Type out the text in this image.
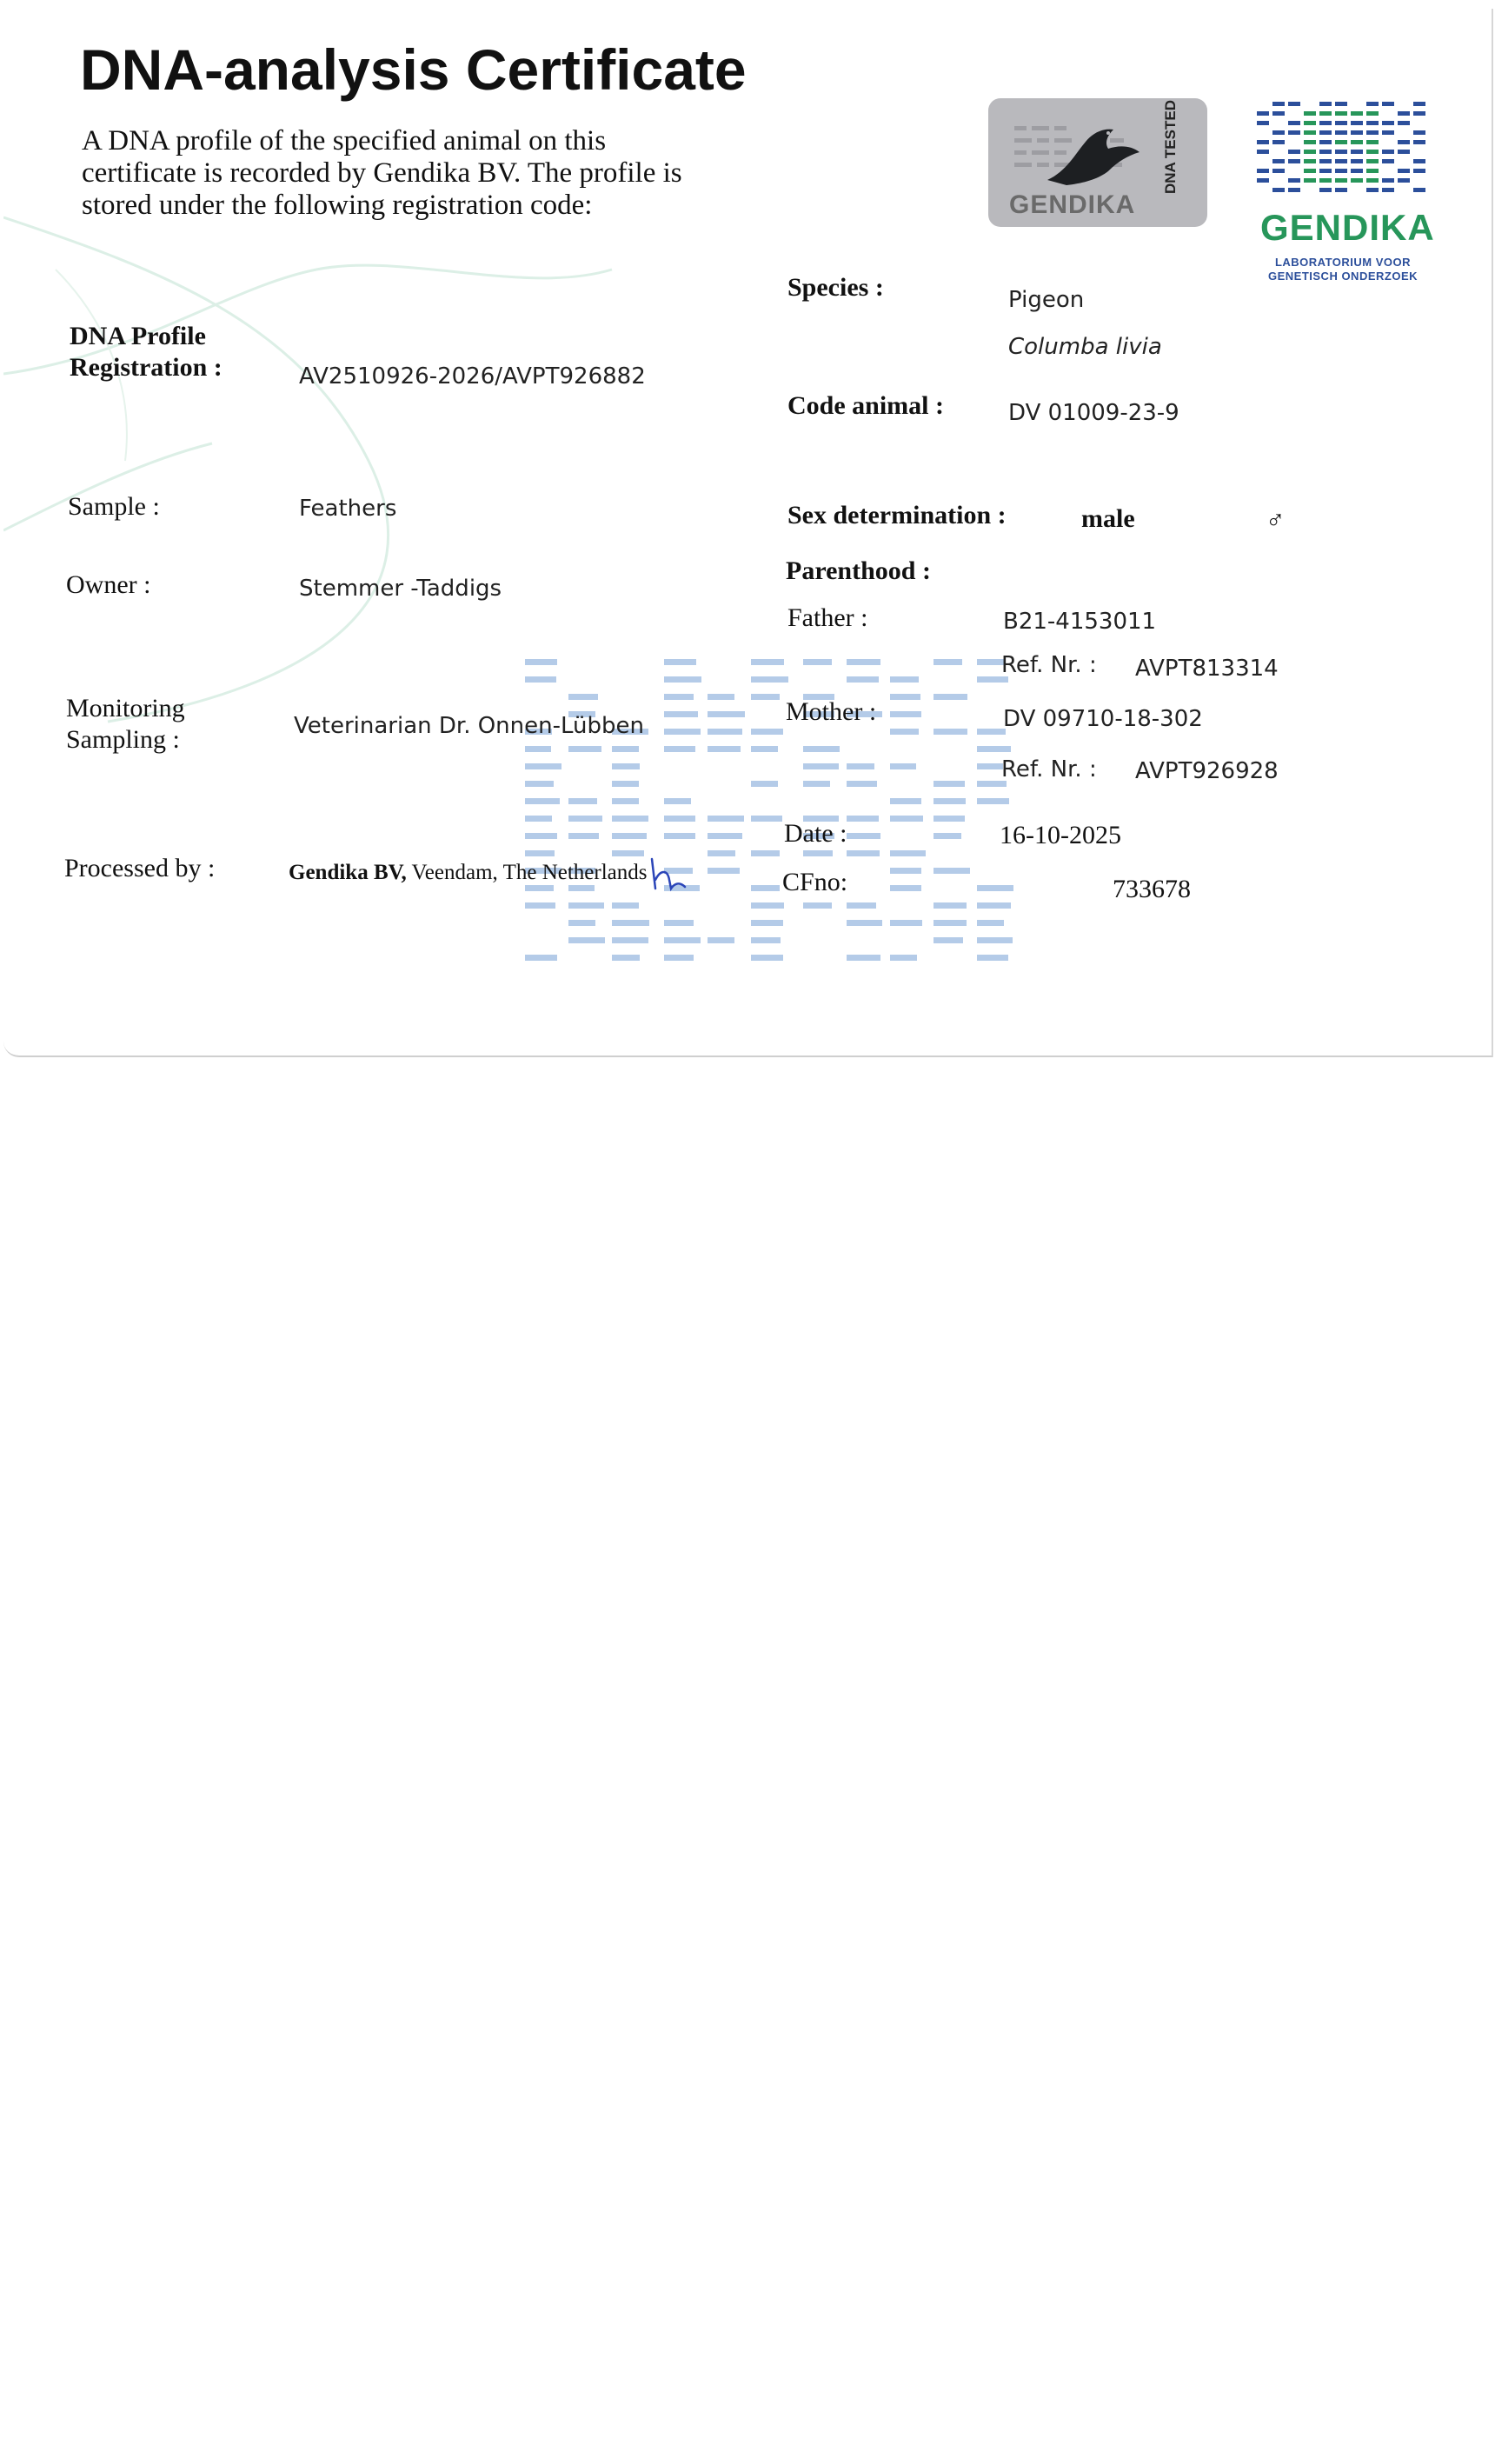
DNA-analysis Certificate
A DNA profile of the specified animal on this certificate is recorded by Gendika BV. The profile is stored under the following registration code:
DNA Profile
Registration :	AV2510926-2026/AVPT926882
Sample :	Feathers
Owner :	Stemmer -Taddigs
Monitoring
Sampling :	Veterinarian Dr. Onnen-Lübben
Processed by :	Gendika BV, Veendam, The Netherlands
Species :	Pigeon
Columba livia
Code animal :	DV 01009-23-9
Sex determination :	male	♂
Parenthood :
Father :	B21-4153011
Ref. Nr. : AVPT813314
Mother :	DV 09710-18-302
Ref. Nr. : AVPT926928
Date :	16-10-2025
CFno:	733678
GENDIKA
DNA TESTED
GENDIKA
LABORATORIUM VOOR GENETISCH ONDERZOEK
